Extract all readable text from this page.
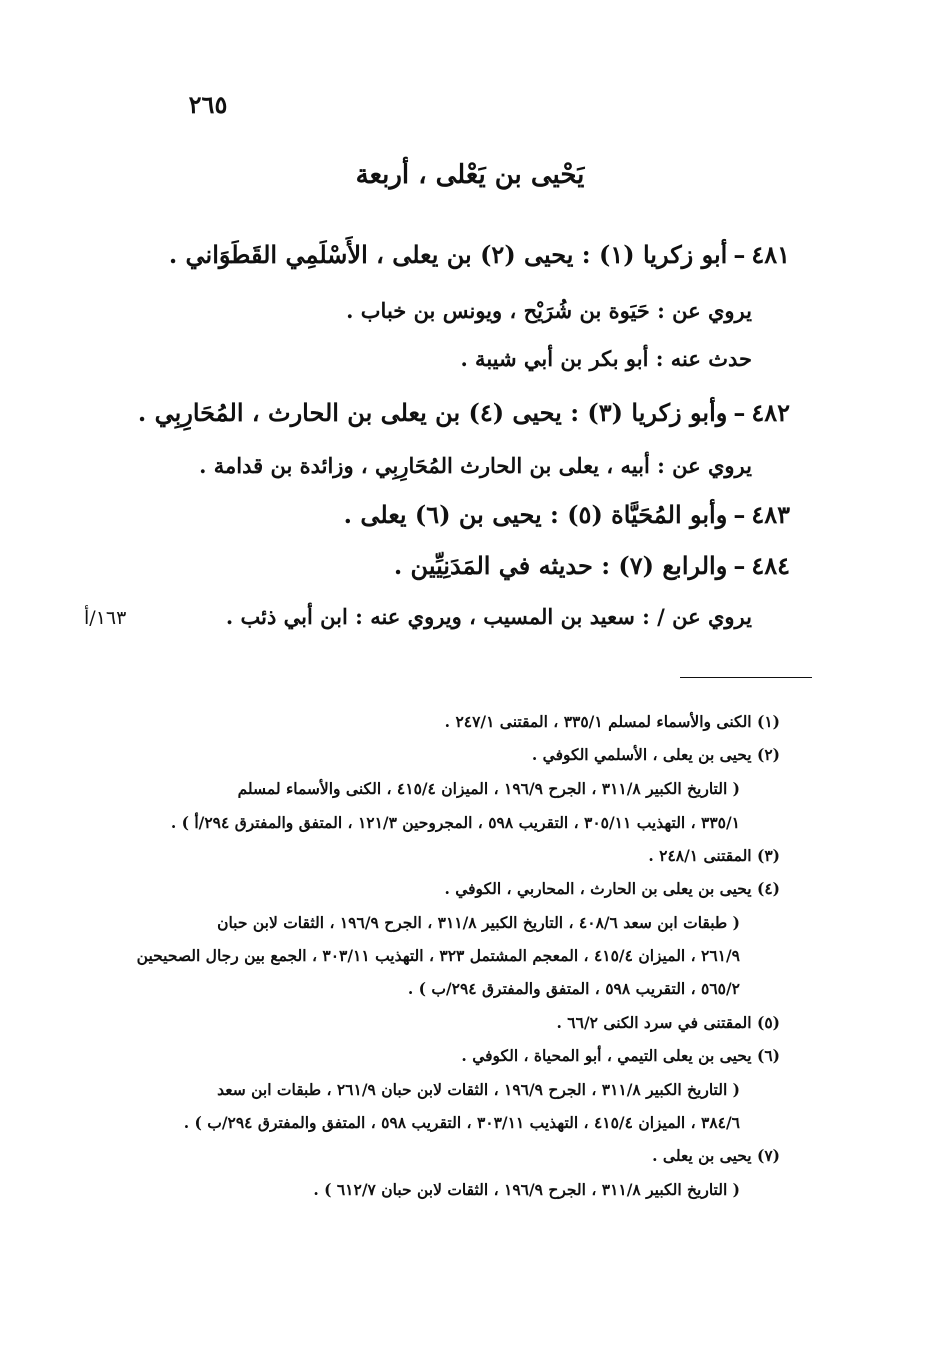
٢٦٥
يَحْيى بن يَعْلى ، أربعة
٤٨١–أبو زكريا (١) : يحيى (٢) بن يعلى ، الأَسْلَمِي القَطَوَاني .
يروي عن : حَيَوة بن شُرَيْح ، ويونس بن خباب .
حدث عنه : أبو بكر بن أبي شيبة .
٤٨٢–وأبو زكريا (٣) : يحيى (٤) بن يعلى بن الحارث ، المُحَارِبِي .
يروي عن : أبيه ، يعلى بن الحارث المُحَارِبِي ، وزائدة بن قدامة .
٤٨٣–وأبو المُحَيَّاة (٥) : يحيى بن (٦) يعلى .
٤٨٤–والرابع (٧) : حديثه في المَدَنِيِّين .
يروي عن / : سعيد بن المسيب ، ويروي عنه : ابن أبي ذئب .
١٦٣/أ
(١) الكنى والأسماء لمسلم ٣٣٥/١ ، المقتنى ٢٤٧/١ .
(٢) يحيى بن يعلى ، الأسلمي الكوفي .
( التاريخ الكبير ٣١١/٨ ، الجرح ١٩٦/٩ ، الميزان ٤١٥/٤ ، الكنى والأسماء لمسلم
٣٣٥/١ ، التهذيب ٣٠٥/١١ ، التقريب ٥٩٨ ، المجروحين ١٢١/٣ ، المتفق والمفترق ٢٩٤/أ ) .
(٣) المقتنى ٢٤٨/١ .
(٤) يحيى بن يعلى بن الحارث ، المحاربي ، الكوفي .
( طبقات ابن سعد ٤٠٨/٦ ، التاريخ الكبير ٣١١/٨ ، الجرح ١٩٦/٩ ، الثقات لابن حبان
٢٦١/٩ ، الميزان ٤١٥/٤ ، المعجم المشتمل ٣٢٣ ، التهذيب ٣٠٣/١١ ، الجمع بين رجال الصحيحين
٥٦٥/٢ ، التقريب ٥٩٨ ، المتفق والمفترق ٢٩٤/ب ) .
(٥) المقتنى في سرد الكنى ٦٦/٢ .
(٦) يحيى بن يعلى التيمي ، أبو المحياة ، الكوفي .
( التاريخ الكبير ٣١١/٨ ، الجرح ١٩٦/٩ ، الثقات لابن حبان ٢٦١/٩ ، طبقات ابن سعد
٣٨٤/٦ ، الميزان ٤١٥/٤ ، التهذيب ٣٠٣/١١ ، التقريب ٥٩٨ ، المتفق والمفترق ٢٩٤/ب ) .
(٧) يحيى بن يعلى .
( التاريخ الكبير ٣١١/٨ ، الجرح ١٩٦/٩ ، الثقات لابن حبان ٦١٢/٧ ) .
